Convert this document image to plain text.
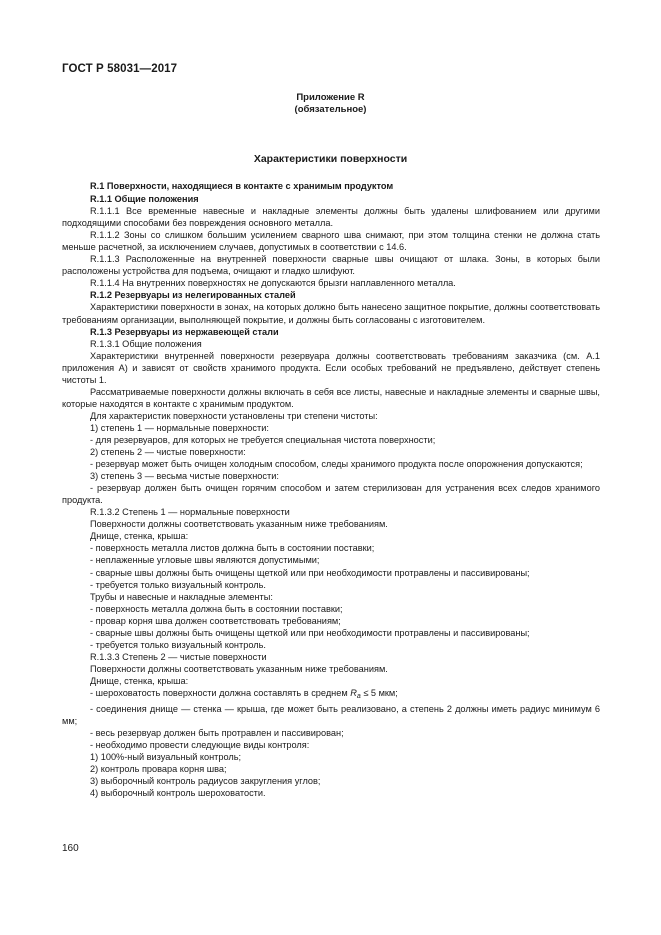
ГОСТ Р 58031—2017
Приложение R
(обязательное)
Характеристики поверхности

R.1 Поверхности, находящиеся в контакте с хранимым продуктом

R.1.1 Общие положения

R.1.1.1 Все временные навесные и накладные элементы должны быть удалены шлифованием или другими подходящими способами без повреждения основного металла.

R.1.1.2 Зоны со слишком большим усилением сварного шва снимают, при этом толщина стенки не должна стать меньше расчетной, за исключением случаев, допустимых в соответствии с 14.6.

R.1.1.3 Расположенные на внутренней поверхности сварные швы очищают от шлака. Зоны, в которых были расположены устройства для подъема, очищают и гладко шлифуют.

R.1.1.4 На внутренних поверхностях не допускаются брызги наплавленного металла.

R.1.2 Резервуары из нелегированных сталей

Характеристики поверхности в зонах, на которых должно быть нанесено защитное покрытие, должны соответствовать требованиям организации, выполняющей покрытие, и должны быть согласованы с изготовителем.

R.1.3 Резервуары из нержавеющей стали

R.1.3.1 Общие положения

Характеристики внутренней поверхности резервуара должны соответствовать требованиям заказчика (см. А.1 приложения А) и зависят от свойств хранимого продукта. Если особых требований не предъявлено, действует степень чистоты 1.

Рассматриваемые поверхности должны включать в себя все листы, навесные и накладные элементы и сварные швы, которые находятся в контакте с хранимым продуктом.

Для характеристик поверхности установлены три степени чистоты:

1) степень 1 — нормальные поверхности:

- для резервуаров, для которых не требуется специальная чистота поверхности;

2) степень 2 — чистые поверхности:

- резервуар может быть очищен холодным способом, следы хранимого продукта после опорожнения допускаются;

3) степень 3 — весьма чистые поверхности:

- резервуар должен быть очищен горячим способом и затем стерилизован для устранения всех следов хранимого продукта.

R.1.3.2 Степень 1 — нормальные поверхности

Поверхности должны соответствовать указанным ниже требованиям.

Днище, стенка, крыша:

- поверхность металла листов должна быть в состоянии поставки;

- неплаженные угловые швы являются допустимыми;

- сварные швы должны быть очищены щеткой или при необходимости протравлены и пассивированы;

- требуется только визуальный контроль.

Трубы и навесные и накладные элементы:

- поверхность металла должна быть в состоянии поставки;

- провар корня шва должен соответствовать требованиям;

- сварные швы должны быть очищены щеткой или при необходимости протравлены и пассивированы;

- требуется только визуальный контроль.

R.1.3.3 Степень 2 — чистые поверхности

Поверхности должны соответствовать указанным ниже требованиям.

Днище, стенка, крыша:

- шероховатость поверхности должна составлять в среднем $R_a \le 5$ мкм;

- соединения днище — стенка — крыша, где может быть реализовано, а степень 2 должны иметь радиус минимум 6 мм;

- весь резервуар должен быть протравлен и пассивирован;

- необходимо провести следующие виды контроля:

1) 100%-ный визуальный контроль;

2) контроль провара корня шва;

3) выборочный контроль радиусов закругления углов;

4) выборочный контроль шероховатости.

160
